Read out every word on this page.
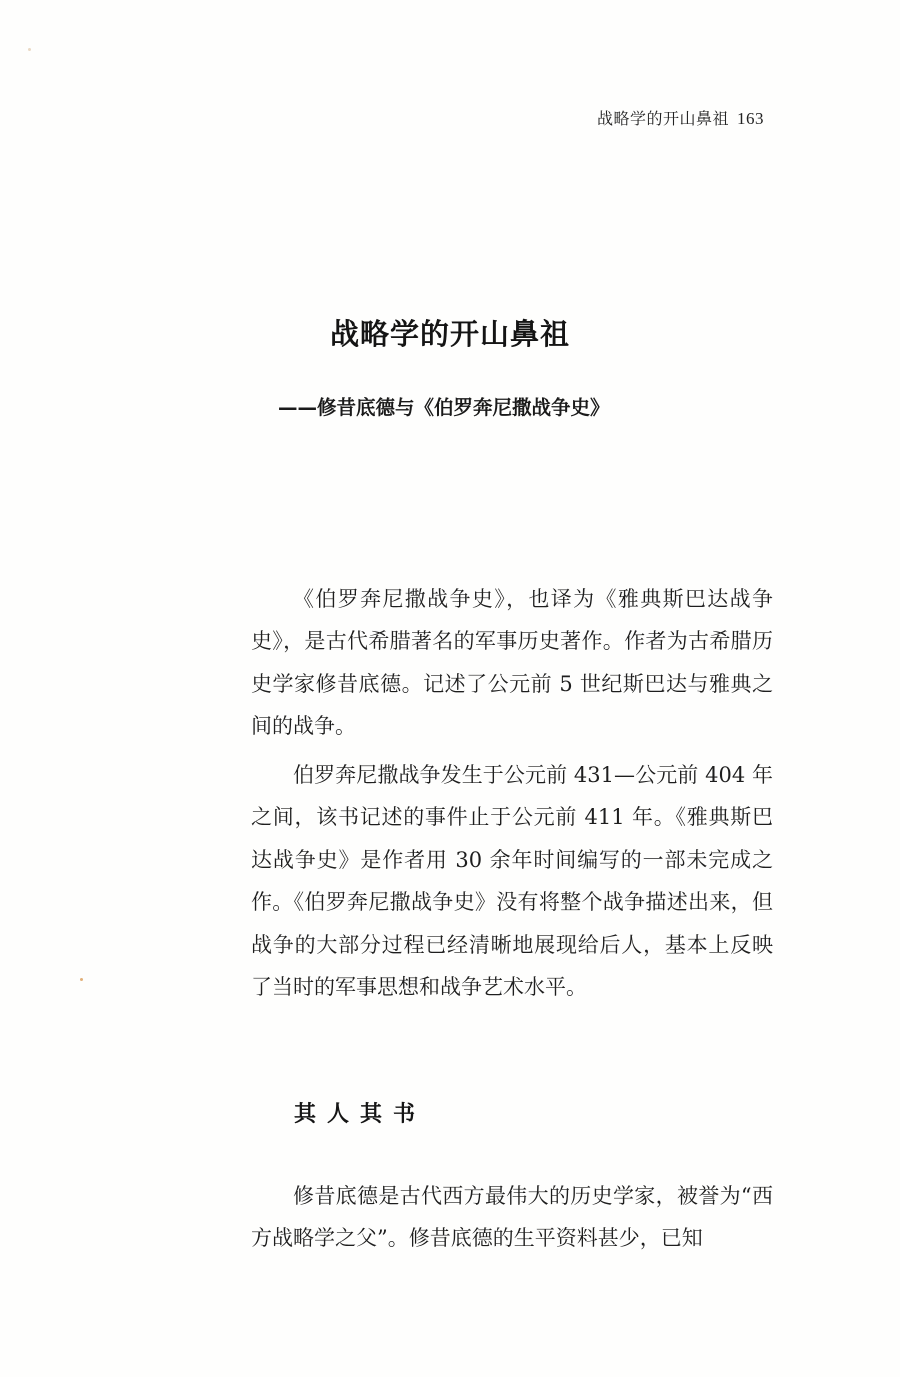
战略学的开山鼻祖 163
战略学的开山鼻祖
——修昔底德与《伯罗奔尼撒战争史》

《伯罗奔尼撒战争史》，也译为《雅典斯巴达战争史》，是古代希腊著名的军事历史著作。作者为古希腊历史学家修昔底德。记述了公元前 5 世纪斯巴达与雅典之间的战争。

伯罗奔尼撒战争发生于公元前 431—公元前 404 年之间，该书记述的事件止于公元前 411 年。《雅典斯巴达战争史》是作者用 30 余年时间编写的一部未完成之作。《伯罗奔尼撒战争史》没有将整个战争描述出来，但战争的大部分过程已经清晰地展现给后人，基本上反映了当时的军事思想和战争艺术水平。

其人其书

修昔底德是古代西方最伟大的历史学家，被誉为“西方战略学之父”。修昔底德的生平资料甚少，已知
